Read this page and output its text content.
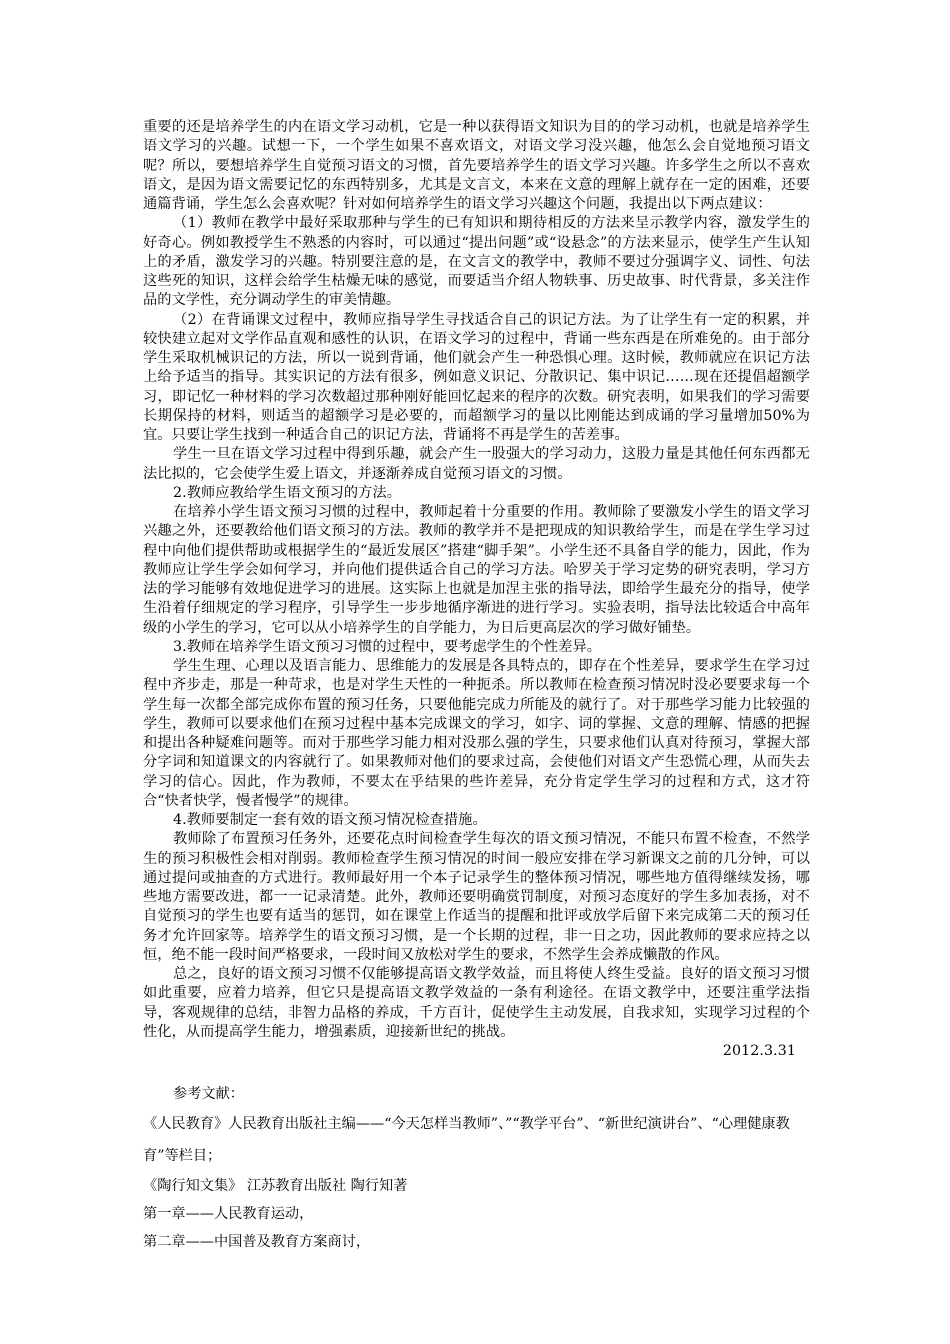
重要的还是培养学生的内在语文学习动机，它是一种以获得语文知识为目的的学习动机，也就是培养学生语文学习的兴趣。试想一下，一个学生如果不喜欢语文，对语文学习没兴趣，他怎么会自觉地预习语文呢？所以，要想培养学生自觉预习语文的习惯，首先要培养学生的语文学习兴趣。许多学生之所以不喜欢语文，是因为语文需要记忆的东西特别多，尤其是文言文，本来在文意的理解上就存在一定的困难，还要通篇背诵，学生怎么会喜欢呢？针对如何培养学生的语文学习兴趣这个问题，我提出以下两点建议：

（1）教师在教学中最好采取那种与学生的已有知识和期待相反的方法来呈示教学内容，激发学生的好奇心。例如教授学生不熟悉的内容时，可以通过“提出问题”或“设悬念”的方法来显示，使学生产生认知上的矛盾，激发学习的兴趣。特别要注意的是，在文言文的教学中，教师不要过分强调字义、词性、句法这些死的知识，这样会给学生枯燥无味的感觉，而要适当介绍人物轶事、历史故事、时代背景，多关注作品的文学性，充分调动学生的审美情趣。

（2）在背诵课文过程中，教师应指导学生寻找适合自己的识记方法。为了让学生有一定的积累，并较快建立起对文学作品直观和感性的认识，在语文学习的过程中，背诵一些东西是在所难免的。由于部分学生采取机械识记的方法，所以一说到背诵，他们就会产生一种恐惧心理。这时候，教师就应在识记方法上给予适当的指导。其实识记的方法有很多，例如意义识记、分散识记、集中识记……现在还提倡超额学习，即记忆一种材料的学习次数超过那种刚好能回忆起来的程序的次数。研究表明，如果我们的学习需要长期保持的材料，则适当的超额学习是必要的，而超额学习的量以比刚能达到成诵的学习量增加50%为宜。只要让学生找到一种适合自己的识记方法，背诵将不再是学生的苦差事。

学生一旦在语文学习过程中得到乐趣，就会产生一股强大的学习动力，这股力量是其他任何东西都无法比拟的，它会使学生爱上语文，并逐渐养成自觉预习语文的习惯。

2.教师应教给学生语文预习的方法。

在培养小学生语文预习习惯的过程中，教师起着十分重要的作用。教师除了要激发小学生的语文学习兴趣之外，还要教给他们语文预习的方法。教师的教学并不是把现成的知识教给学生，而是在学生学习过程中向他们提供帮助或根据学生的“最近发展区”搭建“脚手架”。小学生还不具备自学的能力，因此，作为教师应让学生学会如何学习，并向他们提供适合自己的学习方法。哈罗关于学习定势的研究表明，学习方法的学习能够有效地促进学习的进展。这实际上也就是加涅主张的指导法，即给学生最充分的指导，使学生沿着仔细规定的学习程序，引导学生一步步地循序渐进的进行学习。实验表明，指导法比较适合中高年级的小学生的学习，它可以从小培养学生的自学能力，为日后更高层次的学习做好铺垫。

3.教师在培养学生语文预习习惯的过程中，要考虑学生的个性差异。

学生生理、心理以及语言能力、思维能力的发展是各具特点的，即存在个性差异，要求学生在学习过程中齐步走，那是一种苛求，也是对学生天性的一种扼杀。所以教师在检查预习情况时没必要要求每一个学生每一次都全部完成你布置的预习任务，只要他能完成力所能及的就行了。对于那些学习能力比较强的学生，教师可以要求他们在预习过程中基本完成课文的学习，如字、词的掌握、文意的理解、情感的把握和提出各种疑难问题等。而对于那些学习能力相对没那么强的学生，只要求他们认真对待预习，掌握大部分字词和知道课文的内容就行了。如果教师对他们的要求过高，会使他们对语文产生恐慌心理，从而失去学习的信心。因此，作为教师，不要太在乎结果的些许差异，充分肯定学生学习的过程和方式，这才符合“快者快学，慢者慢学”的规律。

4.教师要制定一套有效的语文预习情况检查措施。

教师除了布置预习任务外，还要花点时间检查学生每次的语文预习情况，不能只布置不检查，不然学生的预习积极性会相对削弱。教师检查学生预习情况的时间一般应安排在学习新课文之前的几分钟，可以通过提问或抽查的方式进行。教师最好用一个本子记录学生的整体预习情况，哪些地方值得继续发扬，哪些地方需要改进，都一一记录清楚。此外，教师还要明确赏罚制度，对预习态度好的学生多加表扬，对不自觉预习的学生也要有适当的惩罚，如在课堂上作适当的提醒和批评或放学后留下来完成第二天的预习任务才允许回家等。培养学生的语文预习习惯，是一个长期的过程，非一日之功，因此教师的要求应持之以恒，绝不能一段时间严格要求，一段时间又放松对学生的要求，不然学生会养成懒散的作风。

总之，良好的语文预习习惯不仅能够提高语文教学效益，而且将使人终生受益。良好的语文预习习惯如此重要，应着力培养，但它只是提高语文教学效益的一条有利途径。在语文教学中，还要注重学法指导，客观规律的总结，非智力品格的养成，千方百计，促使学生主动发展，自我求知，实现学习过程的个性化，从而提高学生能力，增强素质，迎接新世纪的挑战。

2012.3.31

参考文献：

《人民教育》人民教育出版社主编——“今天怎样当教师”、”“教学平台”、“新世纪演讲台”、“心理健康教育”等栏目；

《陶行知文集》 江苏教育出版社 陶行知著

第一章——人民教育运动，

第二章——中国普及教育方案商讨，
